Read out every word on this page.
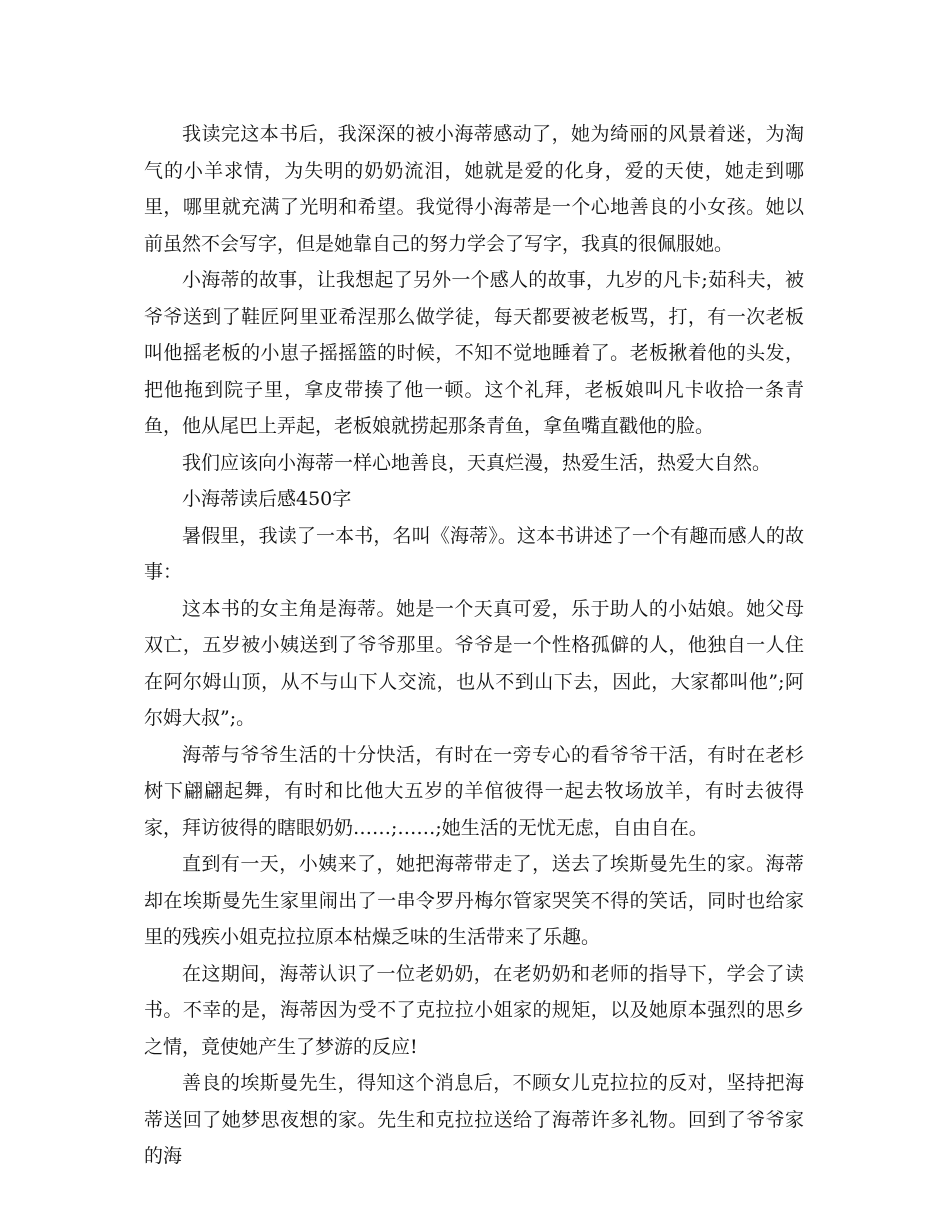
我读完这本书后，我深深的被小海蒂感动了，她为绮丽的风景着迷，为淘气的小羊求情，为失明的奶奶流泪，她就是爱的化身，爱的天使，她走到哪里，哪里就充满了光明和希望。我觉得小海蒂是一个心地善良的小女孩。她以前虽然不会写字，但是她靠自己的努力学会了写字，我真的很佩服她。

小海蒂的故事，让我想起了另外一个感人的故事，九岁的凡卡;茹科夫，被爷爷送到了鞋匠阿里亚希涅那么做学徒，每天都要被老板骂，打，有一次老板叫他摇老板的小崽子摇摇篮的时候，不知不觉地睡着了。老板揪着他的头发，把他拖到院子里，拿皮带揍了他一顿。这个礼拜，老板娘叫凡卡收拾一条青鱼，他从尾巴上弄起，老板娘就捞起那条青鱼，拿鱼嘴直戳他的脸。

我们应该向小海蒂一样心地善良，天真烂漫，热爱生活，热爱大自然。

小海蒂读后感450字

暑假里，我读了一本书，名叫《海蒂》。这本书讲述了一个有趣而感人的故事：

这本书的女主角是海蒂。她是一个天真可爱，乐于助人的小姑娘。她父母双亡，五岁被小姨送到了爷爷那里。爷爷是一个性格孤僻的人，他独自一人住在阿尔姆山顶，从不与山下人交流，也从不到山下去，因此，大家都叫他”;阿尔姆大叔”;。

海蒂与爷爷生活的十分快活，有时在一旁专心的看爷爷干活，有时在老杉树下翩翩起舞，有时和比他大五岁的羊倌彼得一起去牧场放羊，有时去彼得家，拜访彼得的瞎眼奶奶……;……;她生活的无忧无虑，自由自在。

直到有一天，小姨来了，她把海蒂带走了，送去了埃斯曼先生的家。海蒂却在埃斯曼先生家里闹出了一串令罗丹梅尔管家哭笑不得的笑话，同时也给家里的残疾小姐克拉拉原本枯燥乏味的生活带来了乐趣。

在这期间，海蒂认识了一位老奶奶，在老奶奶和老师的指导下，学会了读书。不幸的是，海蒂因为受不了克拉拉小姐家的规矩，以及她原本强烈的思乡之情，竟使她产生了梦游的反应!

善良的埃斯曼先生，得知这个消息后，不顾女儿克拉拉的反对，坚持把海蒂送回了她梦思夜想的家。先生和克拉拉送给了海蒂许多礼物。回到了爷爷家的海
